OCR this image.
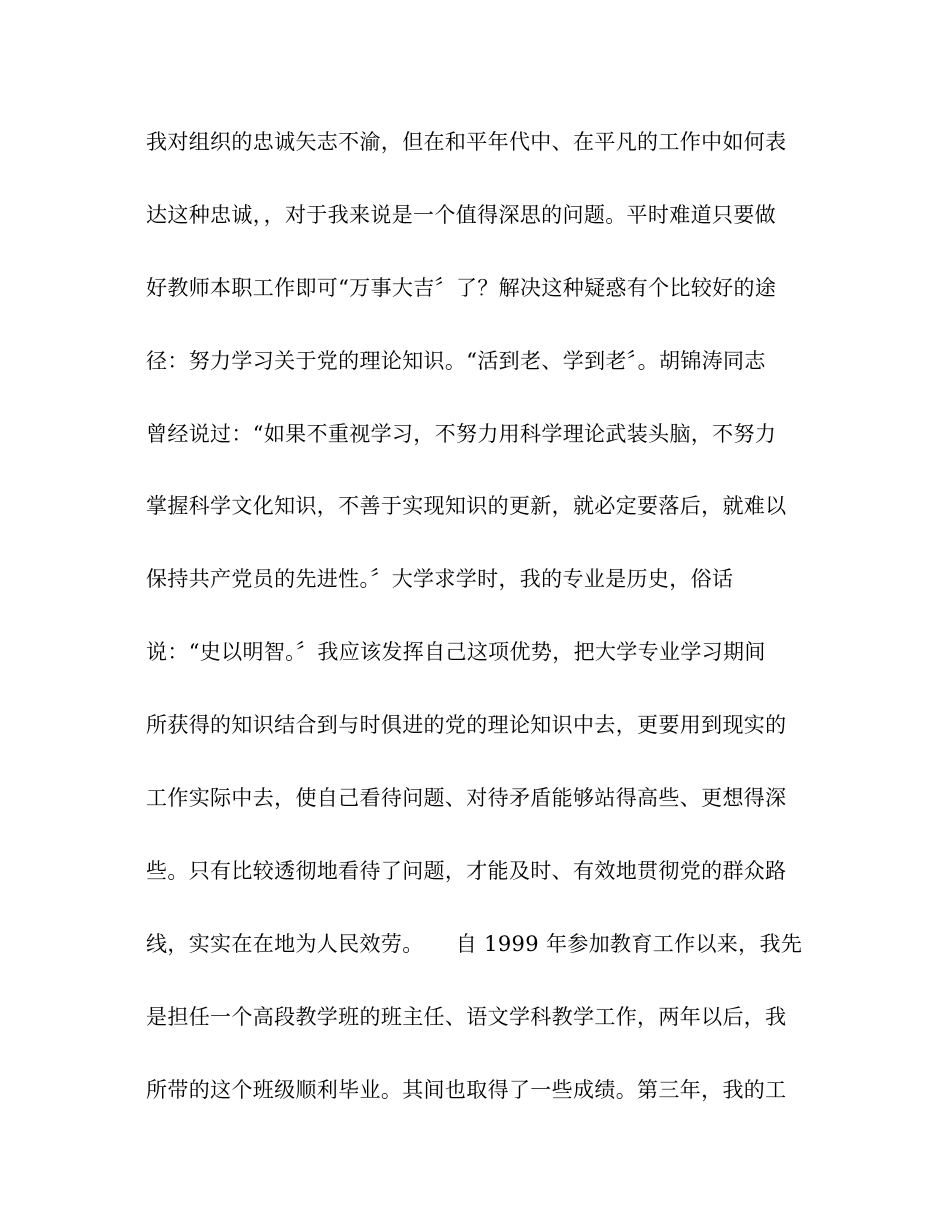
我对组织的忠诚矢志不渝，但在和平年代中、在平凡的工作中如何表
达这种忠诚，，对于我来说是一个值得深思的问题。平时难道只要做
好教师本职工作即可“万事大吉〞了？解决这种疑惑有个比较好的途
径：努力学习关于党的理论知识。“活到老、学到老〞。胡锦涛同志
曾经说过：“如果不重视学习，不努力用科学理论武装头脑，不努力
掌握科学文化知识，不善于实现知识的更新，就必定要落后，就难以
保持共产党员的先进性。〞大学求学时，我的专业是历史，俗话
说：“史以明智。〞我应该发挥自己这项优势，把大学专业学习期间
所获得的知识结合到与时俱进的党的理论知识中去，更要用到现实的
工作实际中去，使自己看待问题、对待矛盾能够站得高些、更想得深
些。只有比较透彻地看待了问题，才能及时、有效地贯彻党的群众路
线，实实在在地为人民效劳。　　自 1999 年参加教育工作以来，我先
是担任一个高段教学班的班主任、语文学科教学工作，两年以后，我
所带的这个班级顺利毕业。其间也取得了一些成绩。第三年，我的工
